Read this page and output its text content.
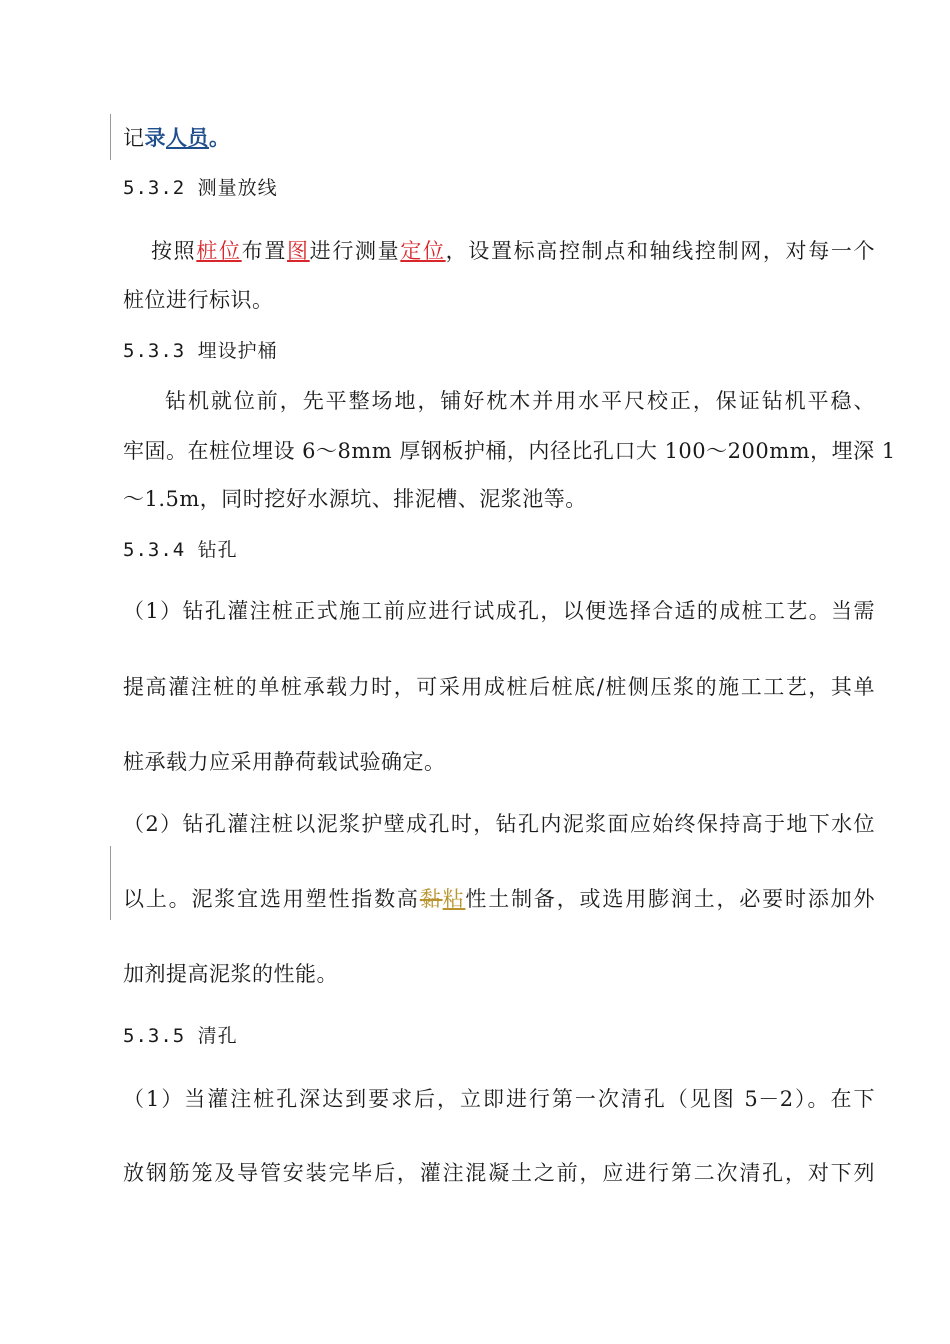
记录人员。
5.3.2 测量放线
按照桩位布置图进行测量定位，设置标高控制点和轴线控制网，对每一个
桩位进行标识。
5.3.3 埋设护桶
钻机就位前，先平整场地，铺好枕木并用水平尺校正，保证钻机平稳、
牢固。在桩位埋设 6～8mm 厚钢板护桶，内径比孔口大 100～200mm，埋深 1
～1.5m，同时挖好水源坑、排泥槽、泥浆池等。
5.3.4 钻孔
（1）钻孔灌注桩正式施工前应进行试成孔，以便选择合适的成桩工艺。当需
提高灌注桩的单桩承载力时，可采用成桩后桩底/桩侧压浆的施工工艺，其单
桩承载力应采用静荷载试验确定。
（2）钻孔灌注桩以泥浆护壁成孔时，钻孔内泥浆面应始终保持高于地下水位
以上。泥浆宜选用塑性指数高黏粘性土制备，或选用膨润土，必要时添加外
加剂提高泥浆的性能。
5.3.5 清孔
（1）当灌注桩孔深达到要求后，立即进行第一次清孔（见图 5－2）。在下
放钢筋笼及导管安装完毕后，灌注混凝土之前，应进行第二次清孔，对下列
